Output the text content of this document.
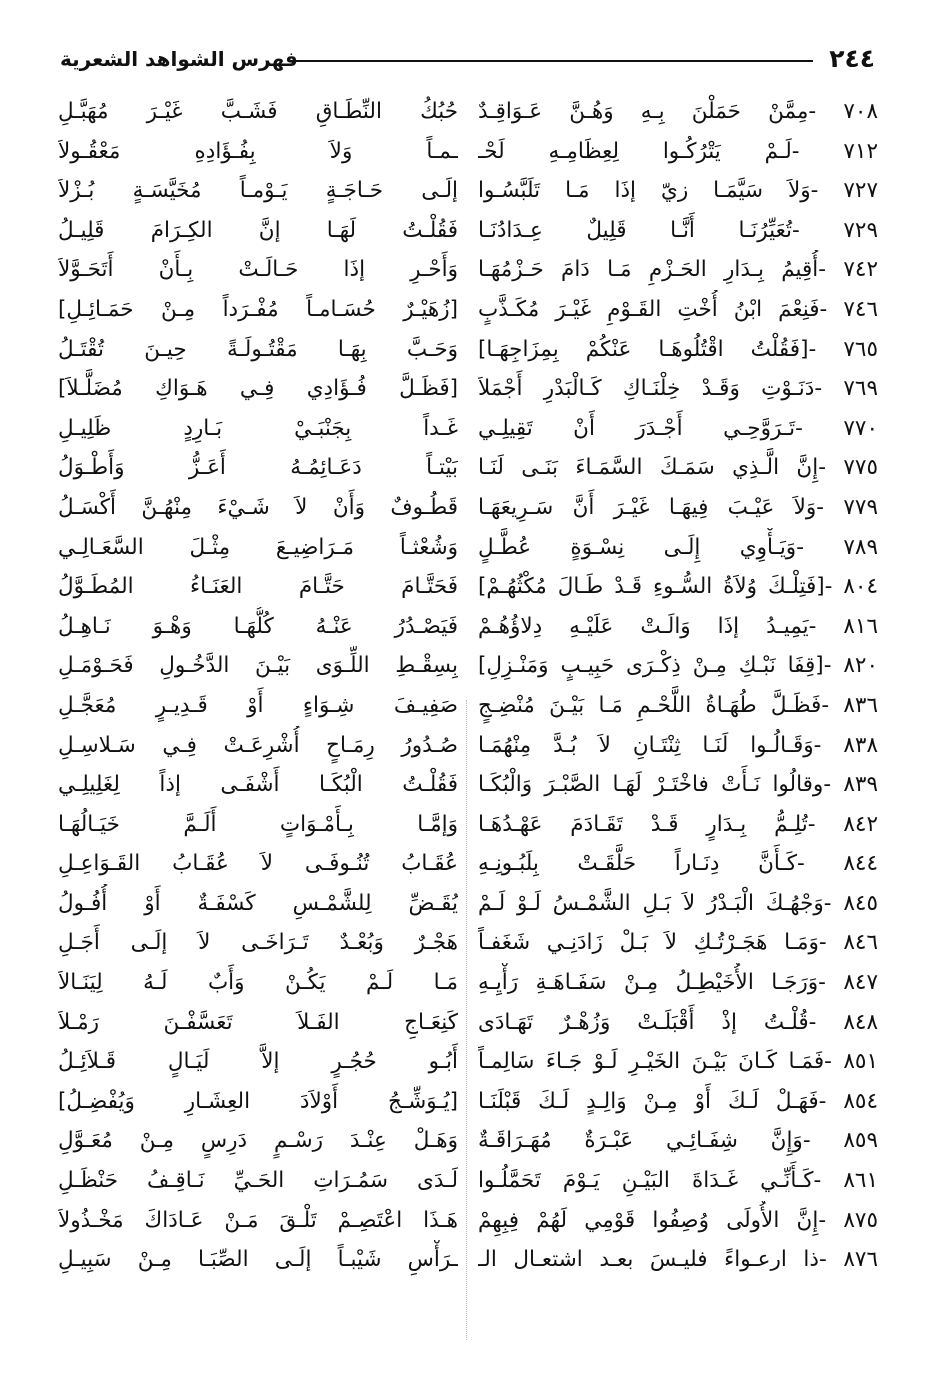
٢٤٤
فهرس الشواهد الشعرية
٧٠٨ -مِمَّنْ حَمَلْنَ بِـهِ وَهُـنَّ عَـوَاقِـدٌ
٧١٢ -لَـمْ يَتْرُكُـوا لِعِظَامِـهِ لَحْـ
٧٢٧ -وَلاَ سَيَّمَـا زيّ إذَا مَـا تَلَبَّسُـوا
٧٢٩ -تُعَيِّرُنَـا أَنَّـا قَلِيلٌ عِـدَادُنَـا
٧٤٢ -أُقِيمُ بِـدَارِ الحَـزْمِ مَـا دَامَ حَـزْمُهَـا
٧٤٦ -فَنِعْمَ ابْنُ أُخْتِ القَـوْمِ غَيْـرَ مُكَـذَّبٍ
٧٦٥ -[فَقُلْتُ اقْتُلُوهَـا عَنْكُمْ بِمِزَاجِهَـا]
٧٦٩ -دَنَـوْتِ وَقَـدْ خِلْنَـاكِ كَـالْبَدْرِ أَجْمَلاَ
٧٧٠ -تَـرَوَّحِـي أَجْـدَرَ أَنْ تَقِيلِـي
٧٧٥ -إِنَّ الَّـذِي سَمَـكَ السَّمَـاءَ بَنَـى لَنَـا
٧٧٩ -وَلاَ عَيْـبَ فِيهَـا غَيْـرَ أَنَّ سَـرِيعَهَـا
٧٨٩ -وَيَـأْوِي إِلَـى نِسْـوَةٍ عُطَّـلٍ
٨٠٤ -[فَتِلْـكَ وُلاَةُ السُّـوءِ قَـدْ طَـالَ مُكْثُهُـمْ]
٨١٦ -يَمِيـدُ إذَا وَالَـتْ عَلَيْـهِ دِلاؤُهُـمْ
٨٢٠ -[قِفَا نَبْـكِ مِـنْ ذِكْـرَى حَبِيـبٍ وَمَنْـزِلِ]
٨٣٦ -فَظَـلَّ طُهَـاةُ اللَّحْـمِ مَـا بَيْـنَ مُنْضِـجٍ
٨٣٨ -وَقَـالُـوا لَنَـا ثِنْتَـانِ لاَ بُـدَّ مِنْهُمَـا
٨٣٩ -وقالُوا نَـأَتْ فاخْتَـرْ لَهَـا الصَّبْـرَ وَالْبُكَـا
٨٤٢ -تُلِـمُّ بِـدَارٍ قَـدْ تَقَـادَمَ عَهْـدُهَـا
٨٤٤ -كَـأَنَّ دِنَـاراً حَلَّقَـتْ بِلَبُـونِـهِ
٨٤٥ -وَجْهُـكَ الْبَـدْرُ لاَ بَـلِ الشَّمْـسُ لَـوْ لَـمْ
٨٤٦ -وَمَـا هَجَـرْتُـكِ لاَ بَـلْ زَادَنِـي شَغَفـاً
٨٤٧ -وَرَجَـا الأُخَيْطِـلُ مِـنْ سَفَـاهَـةِ رَأْيِـهِ
٨٤٨ -قُلْـتُ إذْ أَقْبَلَـتْ وَزُهْـرٌ تَهَـادَى
٨٥١ -فَمَـا كَـانَ بَيْـنَ الخَيْـرِ لَـوْ جَـاءَ سَالِمـاً
٨٥٤ -فَهَـلْ لَـكَ أَوْ مِـنْ وَالِـدٍ لَـكَ قَبْلَنَـا
٨٥٩ -وَإِنَّ شِفَـائِـي عَبْـرَةٌ مُهَـرَاقَـةٌ
٨٦١ -كَـأَنِّـي غَـدَاةَ البَيْـنِ يَـوْمَ تَحَمَّلُـوا
٨٧٥ -إِنَّ الأُولَى وُصِفُوا قَوْمِي لَهُمْ فِبِهِمْ
٨٧٦ -ذا ارعـواءً فليـسَ بعـد اشتعـال الـ
حُبُكُ النِّطَـاقِ فَشَـبَّ غَيْـرَ مُهَبَّـلِ
ـمـاً وَلاَ بِفُـؤَادِهِ مَعْقُـولاَ
إلَـى حَـاجَـةٍ يَـوْمـاً مُخَيَّسَـةٍ بُـزْلاَ
فَقُلْـتُ لَهَـا إنَّ الكِـرَامَ قَلِيـلُ
وَأَحْـرِ إذَا حَـالَـتْ بِـأَنْ أَتَحَـوَّلاَ
[زُهَيْـرٌ حُسَـامـاً مُفْـرَداً مِـنْ حَمَـائِـلِ]
وَحَـبَّ بِهَـا مَقْتُـولَـةً حِيـنَ تُقْتَـلُ
[فَظَـلَّ فُـؤَادِي فِـي هَـوَاكِ مُضَلَّـلاَ]
غَـداً بِجَنْبَـيْ بَـارِدٍ ظَلِيـلِ
بَيْتـاً دَعَـائِمُـهُ أَعَـزُّ وَأَطْـوَلُ
قَطُـوفٌ وَأَنْ لاَ شَـيْءَ مِنْهُـنَّ أَكْسَـلُ
وَشُعْثـاً مَـرَاضِيـعَ مِثْـلَ السَّعَـالِـي
فَحَتَّـامَ حَتَّـامَ العَنَـاءُ المُطَـوَّلُ
فَيَصْـدُرُ عَنْـهُ كُلُّهَـا وَهْـوَ نَـاهِـلُ
بِسِقْـطِ اللِّـوَى بَيْـنَ الدَّخُـولِ فَحَـوْمَـلِ
صَفِيـفَ شِـوَاءٍ أَوْ قَـدِيـرٍ مُعَجَّـلِ
صُـدُورُ رِمَـاحٍ أُشْرِعَـتْ فِـي سَـلاسِـلِ
فَقُلْـتُ الْبُكَـا أَشْفَـى إذاً لِغَلِيلِـي
وَإمَّـا بِـأَمْـوَاتٍ أَلَـمَّ خَيَـالُهَـا
عُقَـابُ تُنُـوفَـى لاَ عُقَـابُ القَـوَاعِـلِ
يُقَـضِّ لِلشَّمْـسِ كَسْفَـةٌ أَوْ أُفُـولُ
هَجْـرٌ وَبُعْـدٌ تَـرَاخَـى لاَ إلَـى أَجَـلِ
مَـا لَـمْ يَكُـنْ وَأَبٌ لَـهُ لِيَنَـالاَ
كَنِعَـاجِ الفَـلاَ تَعَسَّفْـنَ رَمْـلاَ
أَبُـو حُجُـرٍ إلاَّ لَيَـالٍ قَـلاَئِـلُ
[يُـوَشِّـجُ أَوْلاَدَ العِشَـارِ وَيُفْضِـلُ]
وَهَـلْ عِنْـدَ رَسْـمٍ دَرِسٍ مِـنْ مُعَـوَّلِ
لَـدَى سَمُـرَاتِ الحَـيِّ نَـاقِـفُ حَنْظَـلِ
هَـذَا اعْتَصِـمْ تَلْـقَ مَـنْ عَـادَاكَ مَخْـذُولاَ
ـرَأْسِ شَيْبـاً إلَـى الصِّبَـا مِـنْ سَبِيـلِ
